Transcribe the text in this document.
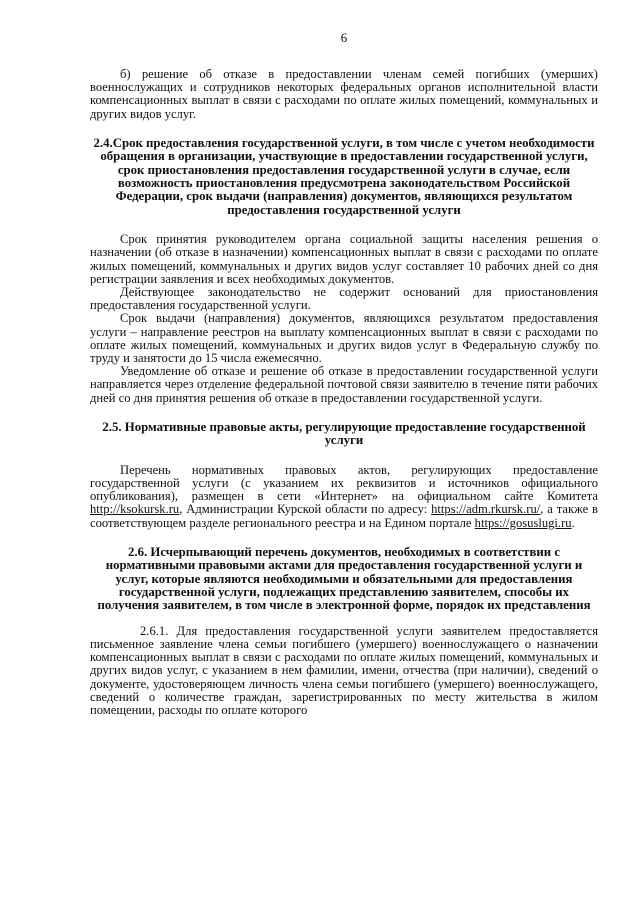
6

б) решение об отказе в предоставлении членам семей погибших (умерших) военнослужащих и сотрудников некоторых федеральных органов исполнительной власти компенсационных выплат в связи с расходами по оплате жилых помещений, коммунальных и других видов услуг.

2.4.Срок предоставления государственной услуги, в том числе с учетом необходимости обращения в организации, участвующие в предоставлении государственной услуги, срок приостановления предоставления государственной услуги в случае, если возможность приостановления предусмотрена законодательством Российской Федерации, срок выдачи (направления) документов, являющихся результатом предоставления государственной услуги

Срок принятия руководителем органа социальной защиты населения решения о назначении (об отказе в назначении) компенсационных выплат в связи с расходами по оплате жилых помещений, коммунальных и других видов услуг составляет 10 рабочих дней со дня регистрации заявления и всех необходимых документов.

Действующее законодательство не содержит оснований для приостановления предоставления государственной услуги.

Срок выдачи (направления) документов, являющихся результатом предоставления услуги – направление реестров на выплату компенсационных выплат в связи с расходами по оплате жилых помещений, коммунальных и других видов услуг в Федеральную службу по труду и занятости до 15 числа ежемесячно.

Уведомление об отказе и решение об отказе в предоставлении государственной услуги направляется через отделение федеральной почтовой связи заявителю в течение пяти рабочих дней со дня принятия решения об отказе в предоставлении государственной услуги.

2.5. Нормативные правовые акты, регулирующие предоставление государственной услуги

Перечень нормативных правовых актов, регулирующих предоставление государственной услуги (с указанием их реквизитов и источников официального опубликования), размещен в сети «Интернет» на официальном сайте Комитета http://ksokursk.ru, Администрации Курской области по адресу: https://adm.rkursk.ru/, а также в соответствующем разделе регионального реестра и на Едином портале https://gosuslugi.ru.

2.6. Исчерпывающий перечень документов, необходимых в соответствии с нормативными правовыми актами для предоставления государственной услуги и услуг, которые являются необходимыми и обязательными для предоставления государственной услуги, подлежащих представлению заявителем, способы их получения заявителем, в том числе в электронной форме, порядок их представления

2.6.1. Для предоставления государственной услуги заявителем предоставляется письменное заявление члена семьи погибшего (умершего) военнослужащего о назначении компенсационных выплат в связи с расходами по оплате жилых помещений, коммунальных и других видов услуг, с указанием в нем фамилии, имени, отчества (при наличии), сведений о документе, удостоверяющем личность члена семьи погибшего (умершего) военнослужащего, сведений о количестве граждан, зарегистрированных по месту жительства в жилом помещении, расходы по оплате которого
